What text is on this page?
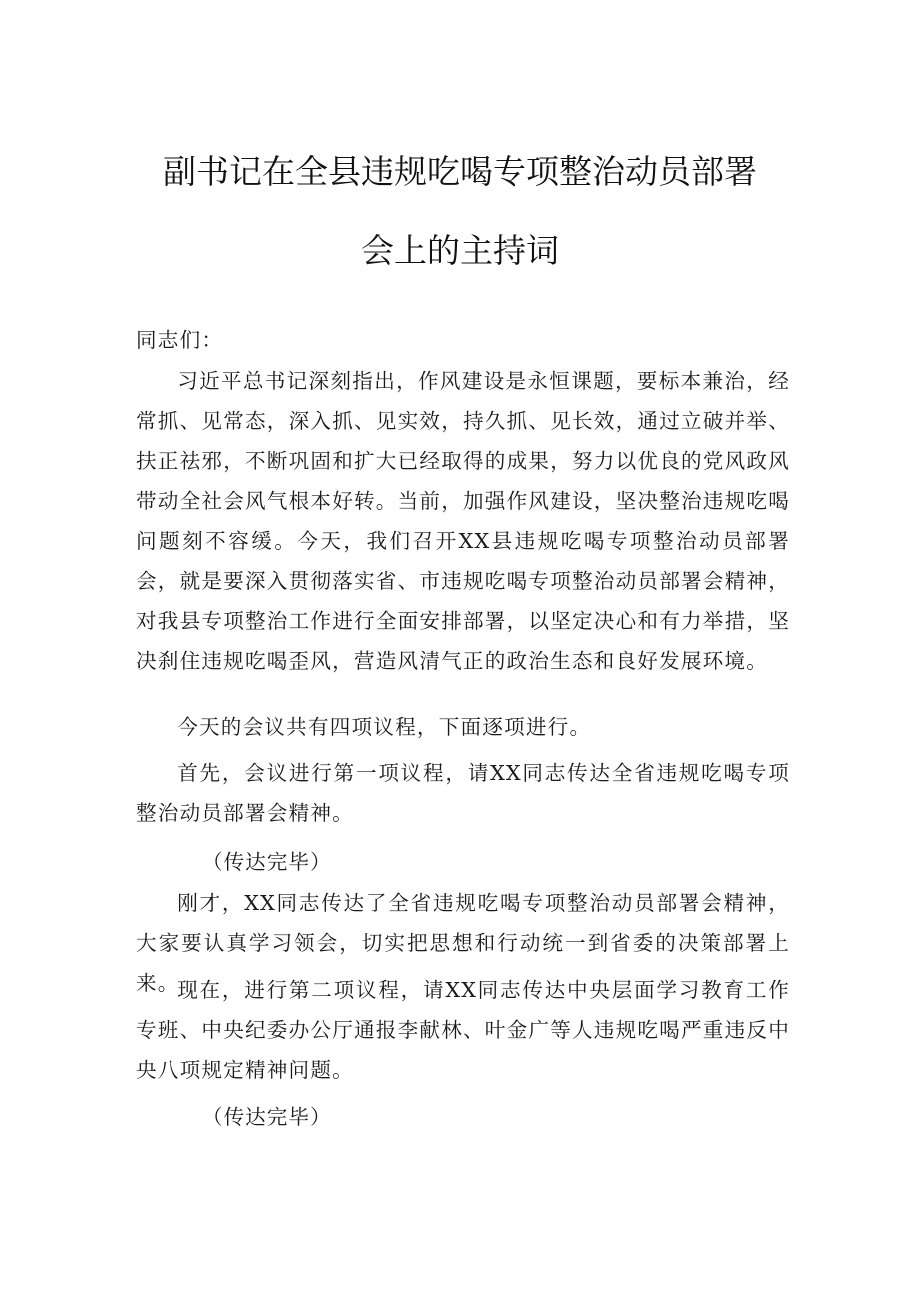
副书记在全县违规吃喝专项整治动员部署
会上的主持词
同志们：
习近平总书记深刻指出，作风建设是永恒课题，要标本兼治，经常抓、见常态，深入抓、见实效，持久抓、见长效，通过立破并举、扶正祛邪，不断巩固和扩大已经取得的成果，努力以优良的党风政风带动全社会风气根本好转。当前，加强作风建设，坚决整治违规吃喝问题刻不容缓。今天，我们召开XX县违规吃喝专项整治动员部署会，就是要深入贯彻落实省、市违规吃喝专项整治动员部署会精神，对我县专项整治工作进行全面安排部署，以坚定决心和有力举措，坚决刹住违规吃喝歪风，营造风清气正的政治生态和良好发展环境。
今天的会议共有四项议程，下面逐项进行。
首先，会议进行第一项议程，请XX同志传达全省违规吃喝专项整治动员部署会精神。
（传达完毕）
刚才，XX同志传达了全省违规吃喝专项整治动员部署会精神，大家要认真学习领会，切实把思想和行动统一到省委的决策部署上来。
现在，进行第二项议程，请XX同志传达中央层面学习教育工作专班、中央纪委办公厅通报李献林、叶金广等人违规吃喝严重违反中央八项规定精神问题。
（传达完毕）
